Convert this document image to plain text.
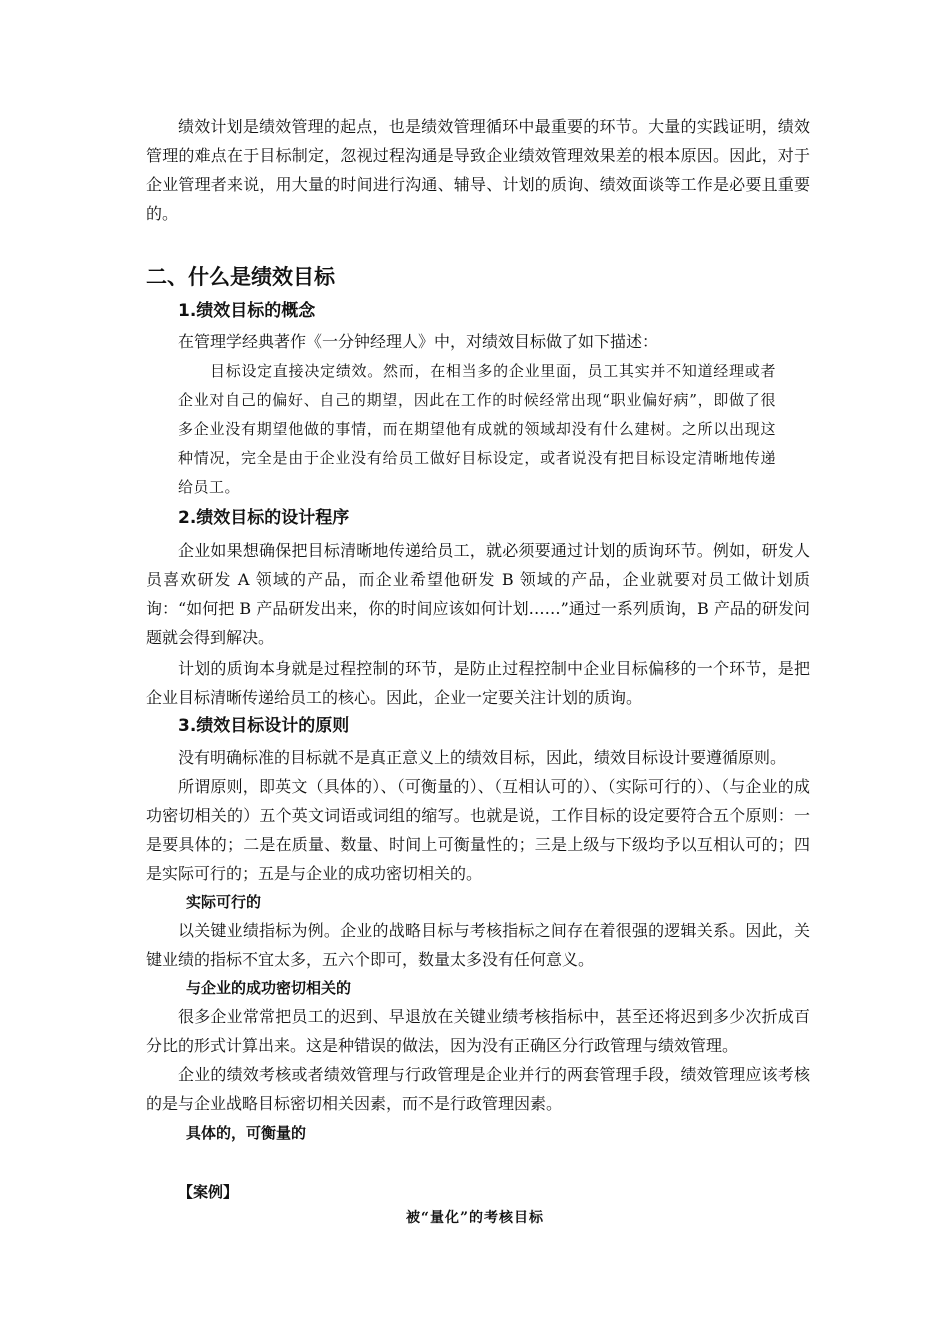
绩效计划是绩效管理的起点，也是绩效管理循环中最重要的环节。大量的实践证明，绩效管理的难点在于目标制定，忽视过程沟通是导致企业绩效管理效果差的根本原因。因此，对于企业管理者来说，用大量的时间进行沟通、辅导、计划的质询、绩效面谈等工作是必要且重要的。

二、什么是绩效目标
1.绩效目标的概念

在管理学经典著作《一分钟经理人》中，对绩效目标做了如下描述：

目标设定直接决定绩效。然而，在相当多的企业里面，员工其实并不知道经理或者企业对自己的偏好、自己的期望，因此在工作的时候经常出现“职业偏好病”，即做了很多企业没有期望他做的事情，而在期望他有成就的领域却没有什么建树。之所以出现这种情况，完全是由于企业没有给员工做好目标设定，或者说没有把目标设定清晰地传递给员工。

2.绩效目标的设计程序

企业如果想确保把目标清晰地传递给员工，就必须要通过计划的质询环节。例如，研发人员喜欢研发 A 领域的产品，而企业希望他研发 B 领域的产品，企业就要对员工做计划质询：“如何把 B 产品研发出来，你的时间应该如何计划……”通过一系列质询，B 产品的研发问题就会得到解决。

计划的质询本身就是过程控制的环节，是防止过程控制中企业目标偏移的一个环节，是把企业目标清晰传递给员工的核心。因此，企业一定要关注计划的质询。

3.绩效目标设计的原则

没有明确标准的目标就不是真正意义上的绩效目标，因此，绩效目标设计要遵循原则。

所谓原则，即英文（具体的）、（可衡量的）、（互相认可的）、（实际可行的）、（与企业的成功密切相关的）五个英文词语或词组的缩写。也就是说，工作目标的设定要符合五个原则：一是要具体的；二是在质量、数量、时间上可衡量性的；三是上级与下级均予以互相认可的；四是实际可行的；五是与企业的成功密切相关的。

实际可行的

以关键业绩指标为例。企业的战略目标与考核指标之间存在着很强的逻辑关系。因此，关键业绩的指标不宜太多，五六个即可，数量太多没有任何意义。

与企业的成功密切相关的

很多企业常常把员工的迟到、早退放在关键业绩考核指标中，甚至还将迟到多少次折成百分比的形式计算出来。这是种错误的做法，因为没有正确区分行政管理与绩效管理。

企业的绩效考核或者绩效管理与行政管理是企业并行的两套管理手段，绩效管理应该考核的是与企业战略目标密切相关因素，而不是行政管理因素。

具体的，可衡量的
【案例】
被“量化”的考核目标
